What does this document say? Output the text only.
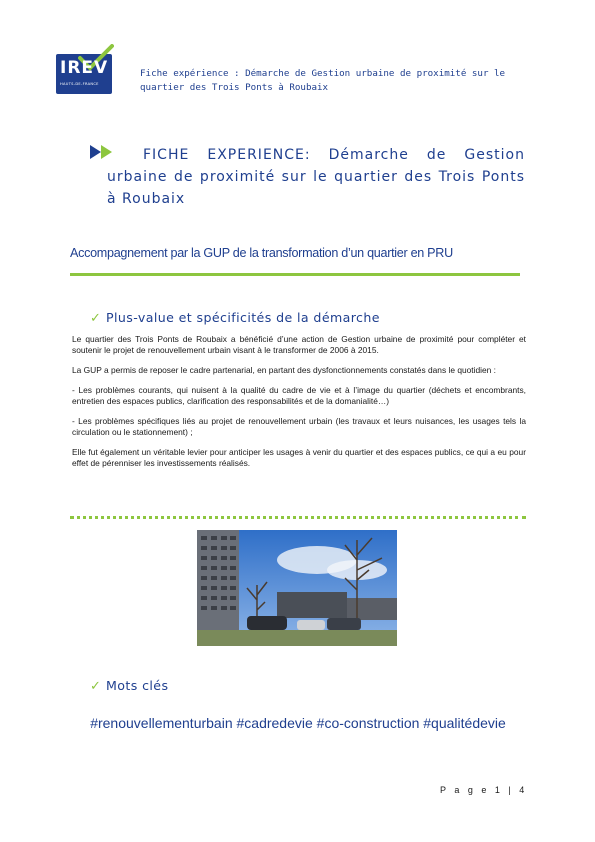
IREV
HAUTS-DE-FRANCE
Fiche expérience : Démarche de Gestion urbaine de proximité sur le quartier des Trois Ponts à Roubaix
FICHE EXPERIENCE: Démarche de Gestion urbaine de proximité sur le quartier des Trois Ponts à Roubaix
Accompagnement par la GUP de la transformation d’un quartier en PRU
✓ Plus-value et spécificités de la démarche

Le quartier des Trois Ponts de Roubaix a bénéficié d’une action de Gestion urbaine de proximité pour compléter et soutenir le projet de renouvellement urbain visant à le transformer de 2006 à 2015.

La GUP a permis de reposer le cadre partenarial, en partant des dysfonctionnements constatés dans le quotidien :

- Les problèmes courants, qui nuisent à la qualité du cadre de vie et à l’image du quartier (déchets et encombrants, entretien des espaces publics, clarification des responsabilités et de la domanialité…)

- Les problèmes spécifiques liés au projet de renouvellement urbain (les travaux et leurs nuisances, les usages tels la circulation ou le stationnement) ;

Elle fut également un véritable levier pour anticiper les usages à venir du quartier et des espaces publics, ce qui a eu pour effet de pérenniser les investissements réalisés.

✓ Mots clés
#renouvellementurbain #cadredevie #co-construction #qualitédevie
P a g e 1 | 4
